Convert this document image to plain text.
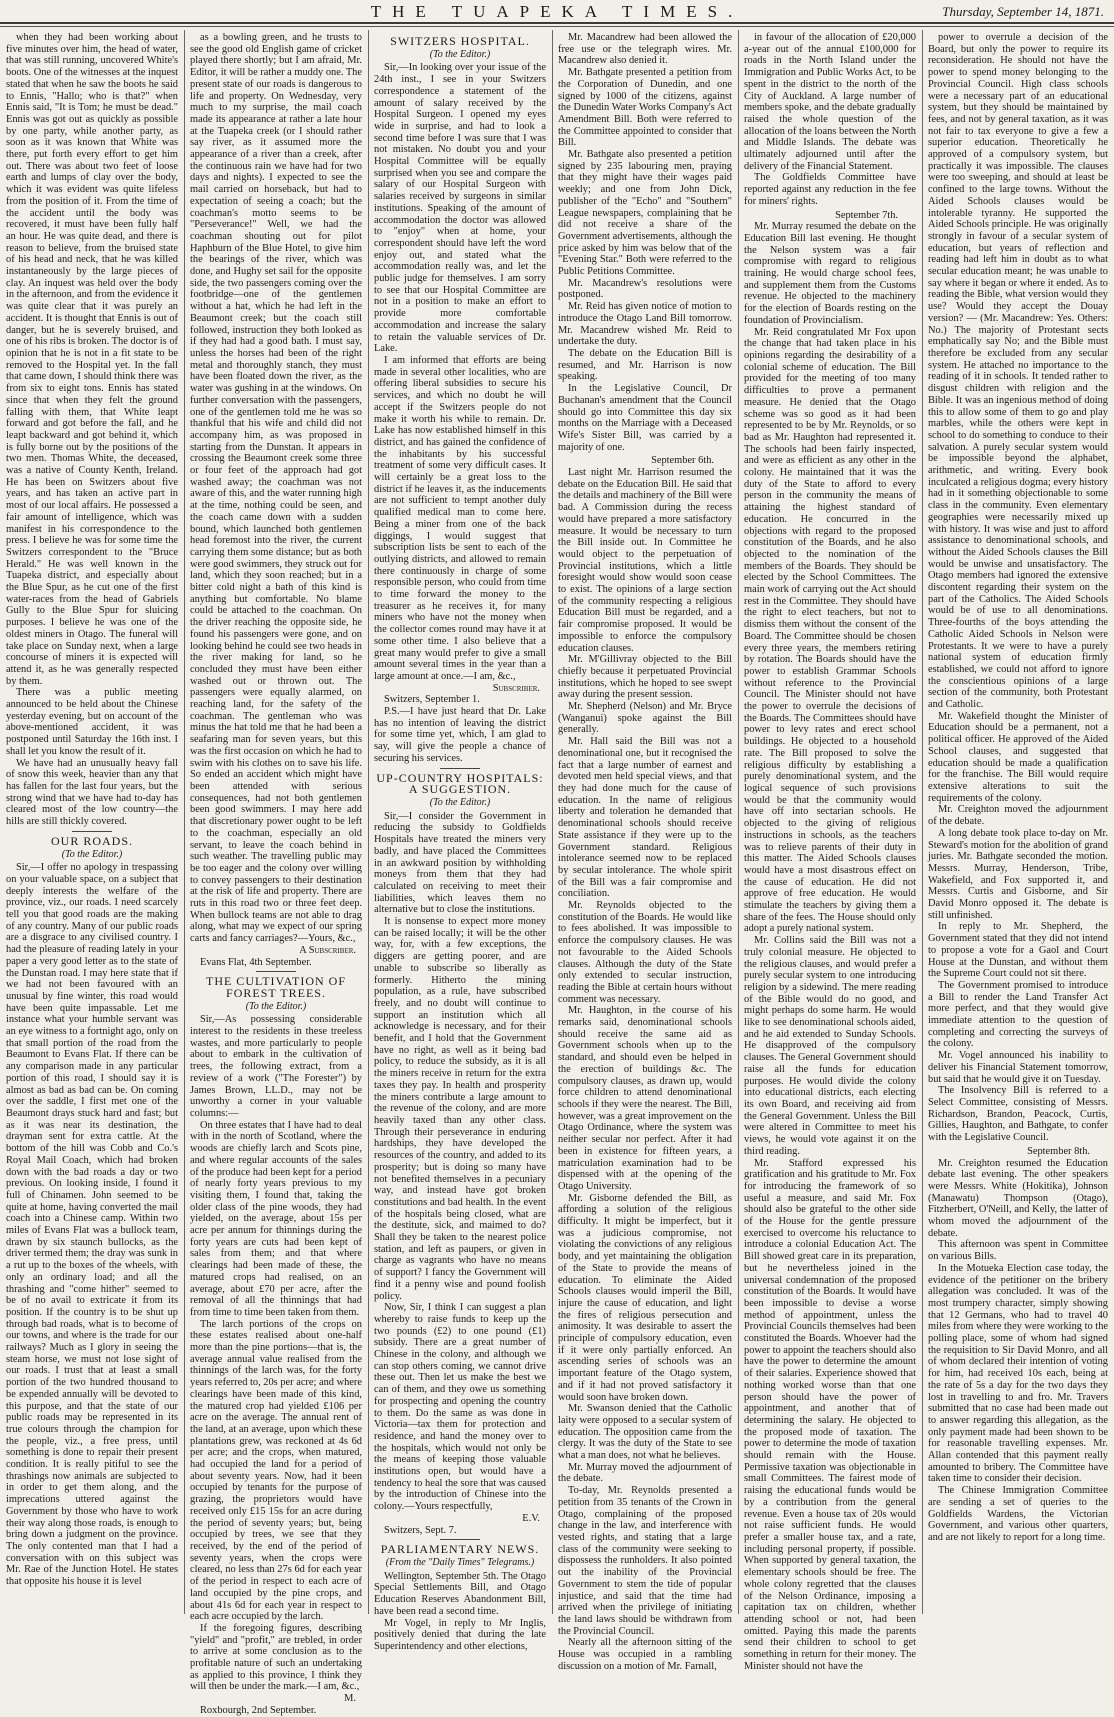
THE TUAPEKA TIMES.	Thursday, September 14, 1871.

when they had been working about five minutes over him, the head of water, that was still running, uncovered White's boots. One of the witnesses at the inquest stated that when he saw the boots he said to Ennis, "Hallo; who is that?" when Ennis said, "It is Tom; he must be dead." Ennis was got out as quickly as possible by one party, while another party, as soon as it was known that White was there, put forth every effort to get him out. There was about two feet of loose earth and lumps of clay over the body, which it was evident was quite lifeless from the position of it. From the time of the accident until the body was recovered, it must have been fully half an hour. He was quite dead, and there is reason to believe, from the bruised state of his head and neck, that he was killed instantaneously by the large pieces of clay. An inquest was held over the body in the afternoon, and from the evidence it was quite clear that it was purely an accident. It is thought that Ennis is out of danger, but he is severely bruised, and one of his ribs is broken. The doctor is of opinion that he is not in a fit state to be removed to the Hospital yet. In the fall that came down, I should think there was from six to eight tons. Ennis has stated since that when they felt the ground falling with them, that White leapt forward and got before the fall, and he leapt backward and got behind it, which is fully borne out by the positions of the two men. Thomas White, the deceased, was a native of County Kenth, Ireland. He has been on Switzers about five years, and has taken an active part in most of our local affairs. He possessed a fair amount of intelligence, which was manifest in his correspondence to the press. I believe he was for some time the Switzers correspondent to the "Bruce Herald." He was well known in the Tuapeka district, and especially about the Blue Spur, as he cut one of the first water-races from the head of Gabriels Gully to the Blue Spur for sluicing purposes. I believe he was one of the oldest miners in Otago. The funeral will take place on Sunday next, when a large concourse of miners it is expected will attend it, as he was generally respected by them.

There was a public meeting announced to be held about the Chinese yesterday evening, but on account of the above-mentioned accident, it was postponed until Saturday the 16th inst. I shall let you know the result of it.

We have had an unusually heavy fall of snow this week, heavier than any that has fallen for the last four years, but the strong wind that we have had to-day has cleared most of the low country—the hills are still thickly covered.

OUR ROADS.
(To the Editor.)

Sir,—I offer no apology in trespassing on your valuable space, on a subject that deeply interests the welfare of the province, viz., our roads. I need scarcely tell you that good roads are the making of any country. Many of our public roads are a disgrace to any civilised country. I had the pleasure of reading lately in your paper a very good letter as to the state of the Dunstan road. I may here state that if we had not been favoured with an unusual by fine winter, this road would have been quite impassable. Let me instance what your humble servant was an eye witness to a fortnight ago, only on that small portion of the road from the Beaumont to Evans Flat. If there can be any comparison made in any particular portion of this road, I should say it is almost as bad as bad can be. On coming over the saddle, I first met one of the Beaumont drays stuck hard and fast; but as it was near its destination, the drayman sent for extra cattle. At the bottom of the hill was Cobb and Co.'s Royal Mail Coach, which had broken down with the bad roads a day or two previous. On looking inside, I found it full of Chinamen. John seemed to be quite at home, having converted the mail coach into a Chinese camp. Within two miles of Evans Flat was a bullock team, drawn by six staunch bullocks, as the driver termed them; the dray was sunk in a rut up to the boxes of the wheels, with only an ordinary load; and all the thrashing and "come hither" seemed to be of no avail to extricate it from its position. If the country is to be shut up through bad roads, what is to become of our towns, and where is the trade for our railways? Much as I glory in seeing the steam horse, we must not lose sight of our roads. I trust that at least a small portion of the two hundred thousand to be expended annually will be devoted to this purpose, and that the state of our public roads may be represented in its true colours through the champion for the people, viz., a free press, until something is done to repair their present condition. It is really pitiful to see the thrashings now animals are subjected to in order to get them along, and the imprecations uttered against the Government by those who have to work their way along those roads, is enough to bring down a judgment on the province. The only contented man that I had a conversation with on this subject was Mr. Rae of the Junction Hotel. He states that opposite his house it is level

as a bowling green, and he trusts to see the good old English game of cricket played there shortly; but I am afraid, Mr. Editor, it will be rather a muddy one. The present state of our roads is dangerous to life and property. On Wednesday, very much to my surprise, the mail coach made its appearance at rather a late hour at the Tuapeka creek (or I should rather say river, as it assumed more the appearance of a river than a creek, after the continuous rain we have had for two days and nights). I expected to see the mail carried on horseback, but had to expectation of seeing a coach; but the coachman's motto seems to be "Perseverance!" Well, we had the coachman shouting out for pilot Haphburn of the Blue Hotel, to give him the bearings of the river, which was done, and Hughy set sail for the opposite side, the two passengers coming over the footbridge—one of the gentlemen without a hat, which he had left in the Beaumont creek; but the coach still followed, instruction they both looked as if they had had a good bath. I must say, unless the horses had been of the right metal and thoroughly stanch, they must have been floated down the river, as the water was gushing in at the windows. On further conversation with the passengers, one of the gentlemen told me he was so thankful that his wife and child did not accompany him, as was proposed in starting from the Dunstan. It appears in crossing the Beaumont creek some three or four feet of the approach had got washed away; the coachman was not aware of this, and the water running high at the time, nothing could be seen, and the coach came down with a sudden bound, which launched both gentlemen head foremost into the river, the current carrying them some distance; but as both were good swimmers, they struck out for land, which they soon reached; but in a bitter cold night a bath of this kind is anything but comfortable. No blame could be attached to the coachman. On the driver reaching the opposite side, he found his passengers were gone, and on looking behind he could see two heads in the river making for land, so he concluded they must have been either washed out or thrown out. The passengers were equally alarmed, on reaching land, for the safety of the coachman. The gentleman who was minus the hat told me that he had been a seafaring man for seven years, but this was the first occasion on which he had to swim with his clothes on to save his life. So ended an accident which might have been attended with serious consequences, had not both gentlemen been good swimmers. I may here add that discretionary power ought to be left to the coachman, especially an old servant, to leave the coach behind in such weather. The travelling public may be too eager and the colony over willing to convey passengers to their destination at the risk of life and property. There are ruts in this road two or three feet deep. When bullock teams are not able to drag along, what may we expect of our spring carts and fancy carriages?—Yours, &c.,

A Subscriber.

Evans Flat, 4th September.

THE CULTIVATION OF FOREST TREES.
(To the Editor.)

Sir,—As possessing considerable interest to the residents in these treeless wastes, and more particularly to people about to embark in the cultivation of trees, the following extract, from a review of a work ("The Forester") by James Brown, LL.D., may not be unworthy a corner in your valuable columns:—

On three estates that I have had to deal with in the north of Scotland, where the woods are chiefly larch and Scots pine, and where regular accounts of the sales of the produce had been kept for a period of nearly forty years previous to my visiting them, I found that, taking the older class of the pine woods, they had yielded, on the average, about 15s per acre per annum for thinnings during the forty years are cuts had been kept of sales from them; and that where clearings had been made of these, the matured crops had realised, on an average, about £70 per acre, after the removal of all the thinnings that had from time to time been taken from them.

The larch portions of the crops on these estates realised about one-half more than the pine portions—that is, the average annual value realised from the thinnings of the larch was, for the forty years referred to, 20s per acre; and where clearings have been made of this kind, the matured crop had yielded £106 per acre on the average. The annual rent of the land, at an average, upon which these plantations grew, was reckoned at 4s 6d per acre; and the crops, when matured, had occupied the land for a period of about seventy years. Now, had it been occupied by tenants for the purpose of grazing, the proprietors would have received only £15 15s for an acre during the period of seventy years; but, being occupied by trees, we see that they received, by the end of the period of seventy years, when the crops were cleared, no less than 27s 6d for each year of the period in respect to each acre of land occupied by the pine crops, and about 41s 6d for each year in respect to each acre occupied by the larch.

If the foregoing figures, describing "yield" and "profit," are trebled, in order to arrive at some conclusion as to the profitable nature of such an undertaking as applied to this province, I think they will then be under the mark.—I am, &c.,

M.

Roxbourgh, 2nd September.

SWITZERS HOSPITAL.
(To the Editor.)

Sir,—In looking over your issue of the 24th inst., I see in your Switzers correspondence a statement of the amount of salary received by the Hospital Surgeon. I opened my eyes wide in surprise, and had to look a second time before I was sure that I was not mistaken. No doubt you and your Hospital Committee will be equally surprised when you see and compare the salary of our Hospital Surgeon with salaries received by surgeons in similar institutions. Speaking of the amount of accommodation the doctor was allowed to "enjoy" when at home, your correspondent should have left the word enjoy out, and stated what the accommodation really was, and let the public judge for themselves. I am sorry to see that our Hospital Committee are not in a position to make an effort to provide more comfortable accommodation and increase the salary to retain the valuable services of Dr. Lake.

I am informed that efforts are being made in several other localities, who are offering liberal subsidies to secure his services, and which no doubt he will accept if the Switzers people do not make it worth his while to remain. Dr. Lake has now established himself in this district, and has gained the confidence of the inhabitants by his successful treatment of some very difficult cases. It will certainly be a great loss to the district if he leaves it, as the inducements are not sufficient to tempt another duly qualified medical man to come here. Being a miner from one of the back diggings, I would suggest that subscription lists be sent to each of the outlying districts, and allowed to remain there continuously in charge of some responsible person, who could from time to time forward the money to the treasurer as he receives it, for many miners who have not the money when the collector comes round may have it at some other time. I also believe that a great many would prefer to give a small amount several times in the year than a large amount at once.—I am, &c.,

Subscriber.

Switzers, September 1.

P.S.—I have just heard that Dr. Lake has no intention of leaving the district for some time yet, which, I am glad to say, will give the people a chance of securing his services.

UP-COUNTRY HOSPITALS: A SUGGESTION.
(To the Editor.)

Sir,—I consider the Government in reducing the subsidy to Goldfields Hospitals have treated the miners very badly, and have placed the Committees in an awkward position by withholding moneys from them that they had calculated on receiving to meet their liabilities, which leaves them no alternative but to close the institutions.

It is nonsense to expect more money can be raised locally; it will be the other way, for, with a few exceptions, the diggers are getting poorer, and are unable to subscribe so liberally as formerly. Hitherto the mining population, as a rule, have subscribed freely, and no doubt will continue to support an institution which all acknowledge is necessary, and for their benefit, and I hold that the Government have no right, as well as it being bad policy, to reduce the subsidy, as it is all the miners receive in return for the extra taxes they pay. In health and prosperity the miners contribute a large amount to the revenue of the colony, and are more heavily taxed than any other class. Through their perseverance in enduring hardships, they have developed the resources of the country, and added to its prosperity; but is doing so many have not benefited themselves in a pecuniary way, and instead have got broken constitutions and bad health. In the event of the hospitals being closed, what are the destitute, sick, and maimed to do? Shall they be taken to the nearest police station, and left as paupers, or given in charge as vagrants who have no means of support? I fancy the Government will find it a penny wise and pound foolish policy.

Now, Sir, I think I can suggest a plan whereby to raise funds to keep up the two pounds (£2) to one pound (£1) subsidy. There are a great number of Chinese in the colony, and although we can stop others coming, we cannot drive these out. Then let us make the best we can of them, and they owe us something for prospecting and opening the country to them. Do the same as was done in Victoria—tax them for protection and residence, and hand the money over to the hospitals, which would not only be the means of keeping those valuable institutions open, but would have a tendency to heal the sore that was caused by the introduction of Chinese into the colony.—Yours respectfully,

E.V.

Switzers, Sept. 7.

PARLIAMENTARY NEWS.
(From the "Daily Times" Telegrams.)

Wellington, September 5th. The Otago Special Settlements Bill, and Otago Education Reserves Abandonment Bill, have been read a second time.

Mr Vogel, in reply to Mr Inglis, positively denied that during the late Superintendency and other elections,

Mr. Macandrew had been allowed the free use or the telegraph wires. Mr. Macandrew also denied it.

Mr. Bathgate presented a petition from the Corporation of Dunedin, and one signed by 1000 of the citizens, against the Dunedin Water Works Company's Act Amendment Bill. Both were referred to the Committee appointed to consider that Bill.

Mr. Bathgate also presented a petition signed by 235 labouring men, praying that they might have their wages paid weekly; and one from John Dick, publisher of the "Echo" and "Southern" League newspapers, complaining that he did not receive a share of the Government advertisements, although the price asked by him was below that of the "Evening Star." Both were referred to the Public Petitions Committee.

Mr. Macandrew's resolutions were postponed.

Mr. Reid has given notice of motion to introduce the Otago Land Bill tomorrow. Mr. Macandrew wished Mr. Reid to undertake the duty.

The debate on the Education Bill is resumed, and Mr. Harrison is now speaking.

In the Legislative Council, Dr Buchanan's amendment that the Council should go into Committee this day six months on the Marriage with a Deceased Wife's Sister Bill, was carried by a majority of one.

September 6th.

Last night Mr. Harrison resumed the debate on the Education Bill. He said that the details and machinery of the Bill were bad. A Commission during the recess would have prepared a more satisfactory measure. It would be necessary to turn the Bill inside out. In Committee he would object to the perpetuation of Provincial institutions, which a little foresight would show would soon cease to exist. The opinions of a large section of the community respecting a religious Education Bill must be regarded, and a fair compromise proposed. It would be impossible to enforce the compulsory education clauses.

Mr. M'Gillivray objected to the Bill chiefly because it perpetuated Provincial institutions, which he hoped to see swept away during the present session.

Mr. Shepherd (Nelson) and Mr. Bryce (Wanganui) spoke against the Bill generally.

Mr. Hall said the Bill was not a denominational one, but it recognised the fact that a large number of earnest and devoted men held special views, and that they had done much for the cause of education. In the name of religious liberty and toleration he demanded that denominational schools should receive State assistance if they were up to the Government standard. Religious intolerance seemed now to be replaced by secular intolerance. The whole spirit of the Bill was a fair compromise and conciliation.

Mr. Reynolds objected to the constitution of the Boards. He would like to fees abolished. It was impossible to enforce the compulsory clauses. He was not favourable to the Aided Schools clauses. Although the duty of the State only extended to secular instruction, reading the Bible at certain hours without comment was necessary.

Mr. Haughton, in the course of his remarks said, denominational schools should receive the same aid as Government schools when up to the standard, and should even be helped in the erection of buildings &c. The compulsory clauses, as drawn up, would force children to attend denominational schools if they were the nearest. The Bill, however, was a great improvement on the Otago Ordinance, where the system was neither secular nor perfect. After it had been in existence for fifteen years, a matriculation examination had to be dispensed with at the opening of the Otago University.

Mr. Gisborne defended the Bill, as affording a solution of the religious difficulty. It might be imperfect, but it was a judicious compromise, not violating the convictions of any religious body, and yet maintaining the obligation of the State to provide the means of education. To eliminate the Aided Schools clauses would imperil the Bill, injure the cause of education, and light the fires of religious persecution and animosity. It was desirable to assert the principle of compulsory education, even if it were only partially enforced. An ascending series of schools was an important feature of the Otago system, and if it had not proved satisfactory it would soon have broken down.

Mr. Swanson denied that the Catholic laity were opposed to a secular system of education. The opposition came from the clergy. It was the duty of the State to see what a man does, not what he believes.

Mr. Murray moved the adjournment of the debate.

To-day, Mr. Reynolds presented a petition from 35 tenants of the Crown in Otago, complaining of the proposed change in the law, and interference with vested rights, and stating that a large class of the community were seeking to dispossess the runholders. It also pointed out the inability of the Provincial Government to stem the tide of popular injustice, and said that the time had arrived when the privilege of initiating the land laws should be withdrawn from the Provincial Council.

Nearly all the afternoon sitting of the House was occupied in a rambling discussion on a motion of Mr. Farnall,

in favour of the allocation of £20,000 a-year out of the annual £100,000 for roads in the North Island under the Immigration and Public Works Act, to be spent in the district to the north of the City of Auckland. A large number of members spoke, and the debate gradually raised the whole question of the allocation of the loans between the North and Middle Islands. The debate was ultimately adjourned until after the delivery of the Financial Statement.

The Goldfields Committee have reported against any reduction in the fee for miners' rights.

September 7th.

Mr. Murray resumed the debate on the Education Bill last evening. He thought the Nelson system was a fair compromise with regard to religious training. He would charge school fees, and supplement them from the Customs revenue. He objected to the machinery for the election of Boards resting on the foundation of Provincialism.

Mr. Reid congratulated Mr Fox upon the change that had taken place in his opinions regarding the desirability of a colonial scheme of education. The Bill provided for the meeting of too many difficulties to prove a permanent measure. He denied that the Otago scheme was so good as it had been represented to be by Mr. Reynolds, or so bad as Mr. Haughton had represented it. The schools had been fairly inspected, and were as efficient as any other in the colony. He maintained that it was the duty of the State to afford to every person in the community the means of attaining the highest standard of education. He concurred in the objections with regard to the proposed constitution of the Boards, and he also objected to the nomination of the members of the Boards. They should be elected by the School Committees. The main work of carrying out the Act should rest in the Committee. They should have the right to elect teachers, but not to dismiss them without the consent of the Board. The Committee should be chosen every three years, the members retiring by rotation. The Boards should have the power to establish Grammar Schools without reference to the Provincial Council. The Minister should not have the power to overrule the decisions of the Boards. The Committees should have power to levy rates and erect school buildings. He objected to a household rate. The Bill proposed to solve the religious difficulty by establishing a purely denominational system, and the logical sequence of such provisions would be that the community would have off into sectarian schools. He objected to the giving of religious instructions in schools, as the teachers was to relieve parents of their duty in this matter. The Aided Schools clauses would have a most disastrous effect on the cause of education. He did not approve of free education. He would stimulate the teachers by giving them a share of the fees. The House should only adopt a purely national system.

Mr. Collins said the Bill was not a truly colonial measure. He objected to the religious clauses, and would prefer a purely secular system to one introducing religion by a sidewind. The mere reading of the Bible would do no good, and might perhaps do some harm. He would like to see denominational schools aided, and he aid extended to Sunday Schools. He disapproved of the compulsory clauses. The General Government should raise all the funds for education purposes. He would divide the colony into educational districts, each electing its own Board, and receiving aid from the General Government. Unless the Bill were altered in Committee to meet his views, he would vote against it on the third reading.

Mr. Stafford expressed his gratification and his gratitude to Mr. Fox for introducing the framework of so useful a measure, and said Mr. Fox should also be grateful to the other side of the House for the gentle pressure exercised to overcome his reluctance to introduce a colonial Education Act. The Bill showed great care in its preparation, but he nevertheless joined in the universal condemnation of the proposed constitution of the Boards. It would have been impossible to devise a worse method of appointment, unless the Provincial Councils themselves had been constituted the Boards. Whoever had the power to appoint the teachers should also have the power to determine the amount of their salaries. Experience showed that nothing worked worse than that one person should have the power of appointment, and another that of determining the salary. He objected to the proposed mode of taxation. The power to determine the mode of taxation should remain with the House. Permissive taxation was objectionable in small Committees. The fairest mode of raising the educational funds would be by a contribution from the general revenue. Even a house tax of 20s would not raise sufficient funds. He would prefer a smaller house tax, and a rate, including personal property, if possible. When supported by general taxation, the elementary schools should be free. The whole colony regretted that the clauses of the Nelson Ordinance, imposing a capitation tax on children, whether attending school or not, had been omitted. Paying this made the parents send their children to school to get something in return for their money. The Minister should not have the

power to overrule a decision of the Board, but only the power to require its reconsideration. He should not have the power to spend money belonging to the Provincial Council. High class schools were a necessary part of an educational system, but they should be maintained by fees, and not by general taxation, as it was not fair to tax everyone to give a few a superior education. Theoretically he approved of a compulsory system, but practically it was impossible. The clauses were too sweeping, and should at least be confined to the large towns. Without the Aided Schools clauses would be intolerable tyranny. He supported the Aided Schools principle. He was originally strongly in favour of a secular system of education, but years of reflection and reading had left him in doubt as to what secular education meant; he was unable to say where it began or where it ended. As to reading the Bible, what version would they use? Would they accept the Douay version? — (Mr. Macandrew: Yes. Others: No.) The majority of Protestant sects emphatically say No; and the Bible must therefore be excluded from any secular system. He attached no importance to the reading of it in schools. It tended rather to disgust children with religion and the Bible. It was an ingenious method of doing this to allow some of them to go and play marbles, while the others were kept in school to do something to conduce to their salvation. A purely secular system would be impossible beyond the alphabet, arithmetic, and writing. Every book inculcated a religious dogma; every history had in it something objectionable to some class in the community. Even elementary geographies were necessarily mixed up with history. It was wise and just to afford assistance to denominational schools, and without the Aided Schools clauses the Bill would be unwise and unsatisfactory. The Otago members had ignored the extensive discontent regarding their system on the part of the Catholics. The Aided Schools would be of use to all denominations. Three-fourths of the boys attending the Catholic Aided Schools in Nelson were Protestants. It we were to have a purely national system of education firmly established, we could not afford to ignore the conscientious opinions of a large section of the community, both Protestant and Catholic.

Mr. Wakefield thought the Minister of Education should be a permanent, not a political officer. He approved of the Aided School clauses, and suggested that education should be made a qualification for the franchise. The Bill would require extensive alterations to suit the requirements of the colony.

Mr. Creighton moved the adjournment of the debate.

A long debate took place to-day on Mr. Steward's motion for the abolition of grand juries. Mr. Bathgate seconded the motion. Messrs. Murray, Henderson, Tribe, Wakefield, and Fox supported it, and Messrs. Curtis and Gisborne, and Sir David Monro opposed it. The debate is still unfinished.

In reply to Mr. Shepherd, the Government stated that they did not intend to propose a vote for a Gaol and Court House at the Dunstan, and without them the Supreme Court could not sit there.

The Government promised to introduce a Bill to render the Land Transfer Act more perfect, and that they would give immediate attention to the question of completing and correcting the surveys of the colony.

Mr. Vogel announced his inability to deliver his Financial Statement tomorrow, but said that he would give it on Tuesday.

The Insolvency Bill is referred to a Select Committee, consisting of Messrs. Richardson, Brandon, Peacock, Curtis, Gillies, Haughton, and Bathgate, to confer with the Legislative Council.

September 8th.

Mr. Creighton resumed the Education debate last evening. The other speakers were Messrs. White (Hokitika), Johnson (Manawatu) Thompson (Otago), Fitzherbert, O'Neill, and Kelly, the latter of whom moved the adjournment of the debate.

This afternoon was spent in Committee on various Bills.

In the Motueka Election case today, the evidence of the petitioner on the bribery allegation was concluded. It was of the most trumpery character, simply showing that 12 Germans, who had to travel 40 miles from where they were working to the polling place, some of whom had signed the requisition to Sir David Monro, and all of whom declared their intention of voting for him, had received 10s each, being at the rate of 5s a day for the two days they lost in travelling to and fro. Mr. Travers submitted that no case had been made out to answer regarding this allegation, as the only payment made had been shown to be for reasonable travelling expenses. Mr. Allan contended that this payment really amounted to bribery. The Committee have taken time to consider their decision.

The Chinese Immigration Committee are sending a set of queries to the Goldfields Wardens, the Victorian Government, and various other quarters, and are not likely to report for a long time.
